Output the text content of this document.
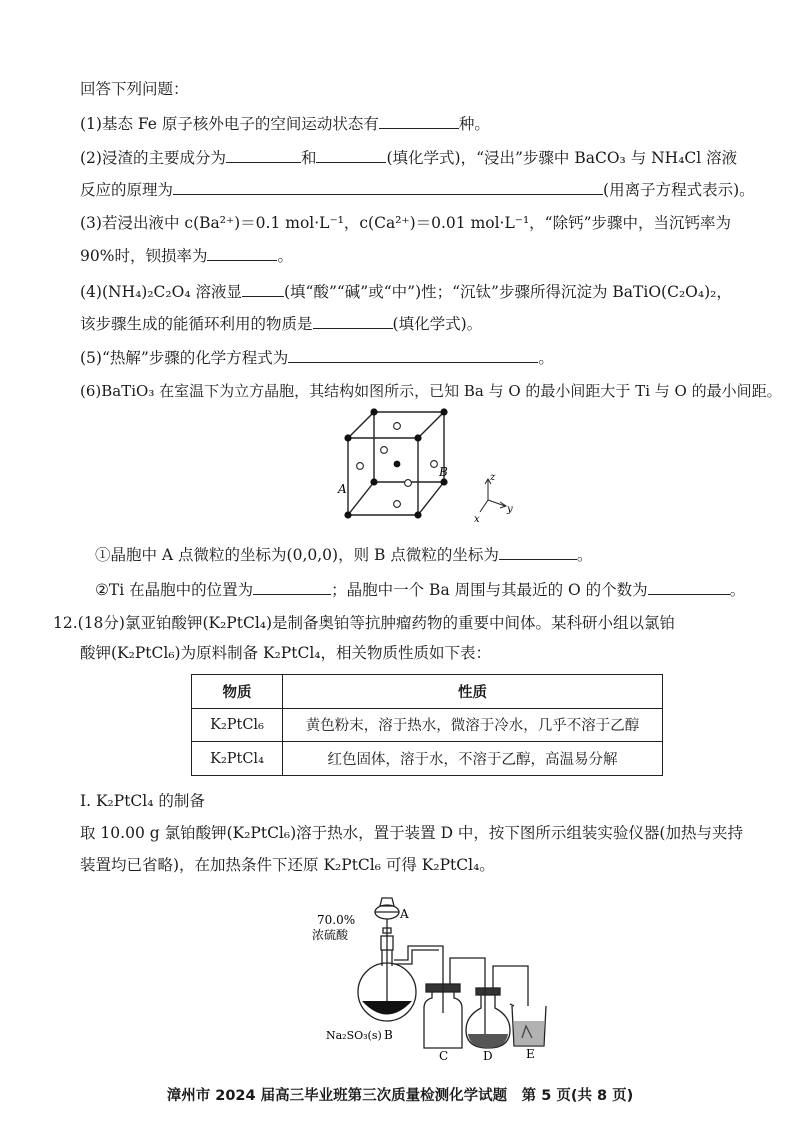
回答下列问题：
(1)基态 Fe 原子核外电子的空间运动状态有	种。
(2)浸渣的主要成分为	和	(填化学式)，“浸出”步骤中 BaCO₃ 与 NH₄Cl 溶液
反应的原理为	(用离子方程式表示)。
(3)若浸出液中 c(Ba²⁺)＝0.1 mol·L⁻¹，c(Ca²⁺)＝0.01 mol·L⁻¹，“除钙”步骤中，当沉钙率为
90%时，钡损率为	。
(4)(NH₄)₂C₂O₄ 溶液显	(填“酸”“碱”或“中”)性；“沉钛”步骤所得沉淀为 BaTiO(C₂O₄)₂，
该步骤生成的能循环利用的物质是	(填化学式)。
(5)“热解”步骤的化学方程式为	。
(6)BaTiO₃ 在室温下为立方晶胞，其结构如图所示，已知 Ba 与 O 的最小间距大于 Ti 与 O 的最小间距。
A
B	z
y
x
①晶胞中 A 点微粒的坐标为(0,0,0)，则 B 点微粒的坐标为	。
②Ti 在晶胞中的位置为	；晶胞中一个 Ba 周围与其最近的 O 的个数为	。
12.(18分)氯亚铂酸钾(K₂PtCl₄)是制备奥铂等抗肿瘤药物的重要中间体。某科研小组以氯铂
酸钾(K₂PtCl₆)为原料制备 K₂PtCl₄，相关物质性质如下表：
物质	性质
K₂PtCl₆	黄色粉末，溶于热水，微溶于冷水，几乎不溶于乙醇
K₂PtCl₄	红色固体，溶于水，不溶于乙醇，高温易分解
Ⅰ. K₂PtCl₄ 的制备
取 10.00 g 氯铂酸钾(K₂PtCl₆)溶于热水，置于装置 D 中，按下图所示组装实验仪器(加热与夹持
装置均已省略)，在加热条件下还原 K₂PtCl₆ 可得 K₂PtCl₄。
70.0%
浓硫酸
A
Na₂SO₃(s) B
C	D	E
漳州市 2024 届高三毕业班第三次质量检测化学试题　第 5 页(共 8 页)
